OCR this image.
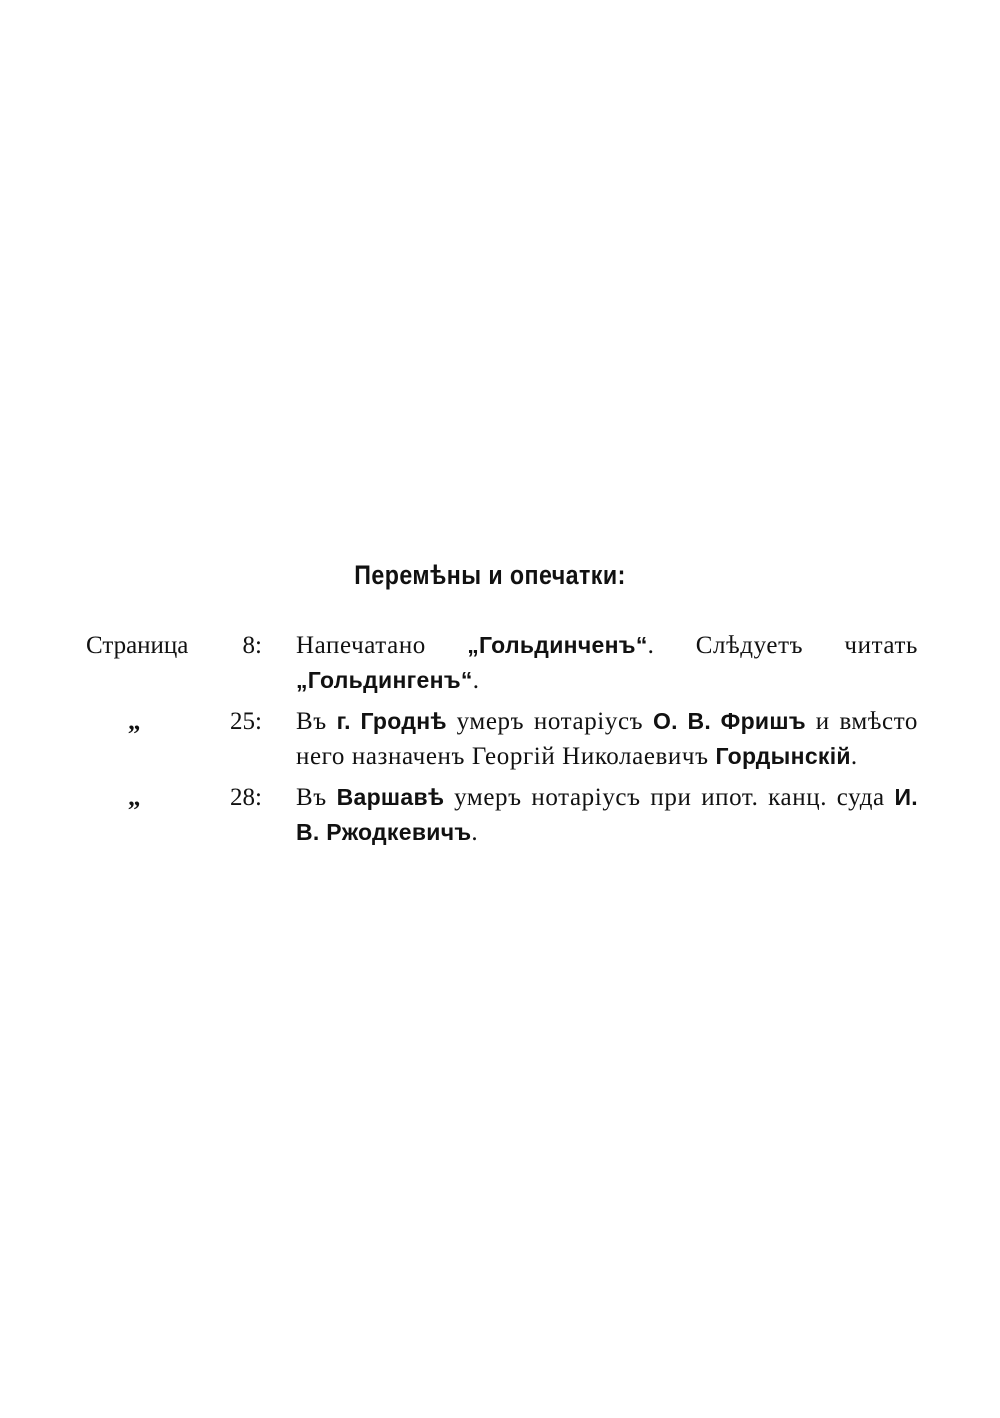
Перемѣны и опечатки:
Страница	8: Напечатано „Гольдинченъ“. Слѣдуетъ читать „Гольдингенъ“.
„	25: Въ г. Гроднѣ умеръ нотаріусъ О. В. Фришъ и вмѣсто него назначенъ Георгій Николаевичъ Гордынскій.
„	28: Въ Варшавѣ умеръ нотаріусъ при ипот. канц. суда И. В. Ржодкевичъ.
